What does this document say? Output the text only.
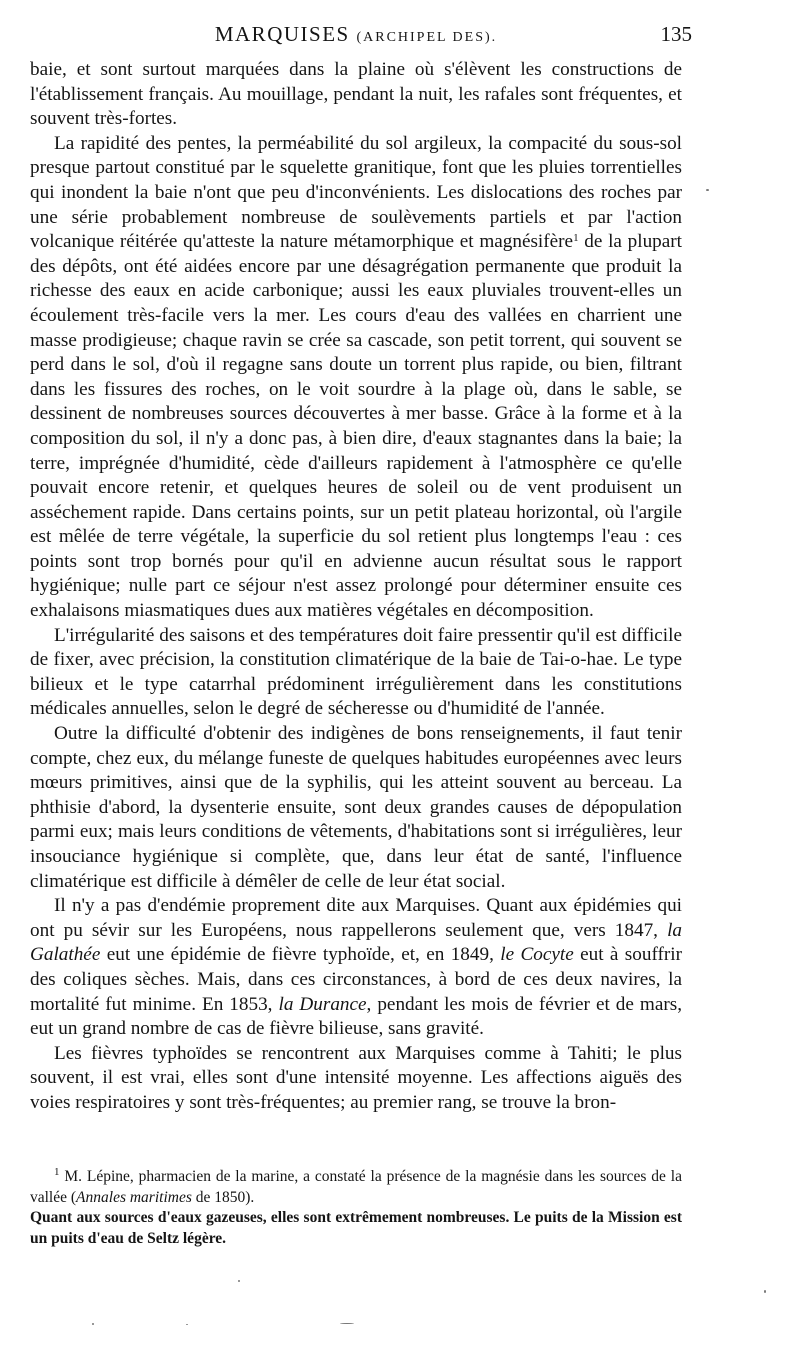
MARQUISES (ARCHIPEL DES).	135

baie, et sont surtout marquées dans la plaine où s'élèvent les constructions de l'établissement français. Au mouillage, pendant la nuit, les rafales sont fréquentes, et souvent très-fortes.

La rapidité des pentes, la perméabilité du sol argileux, la compacité du sous-sol presque partout constitué par le squelette granitique, font que les pluies torrentielles qui inondent la baie n'ont que peu d'inconvénients. Les dislocations des roches par une série probablement nombreuse de soulèvements partiels et par l'action volcanique réitérée qu'atteste la nature métamorphique et magnésifère$^1$ de la plupart des dépôts, ont été aidées encore par une désagrégation permanente que produit la richesse des eaux en acide carbonique; aussi les eaux pluviales trouvent-elles un écoulement très-facile vers la mer. Les cours d'eau des vallées en charrient une masse prodigieuse; chaque ravin se crée sa cascade, son petit torrent, qui souvent se perd dans le sol, d'où il regagne sans doute un torrent plus rapide, ou bien, filtrant dans les fissures des roches, on le voit sourdre à la plage où, dans le sable, se dessinent de nombreuses sources découvertes à mer basse. Grâce à la forme et à la composition du sol, il n'y a donc pas, à bien dire, d'eaux stagnantes dans la baie; la terre, imprégnée d'humidité, cède d'ailleurs rapidement à l'atmosphère ce qu'elle pouvait encore retenir, et quelques heures de soleil ou de vent produisent un asséchement rapide. Dans certains points, sur un petit plateau horizontal, où l'argile est mêlée de terre végétale, la superficie du sol retient plus longtemps l'eau : ces points sont trop bornés pour qu'il en advienne aucun résultat sous le rapport hygiénique; nulle part ce séjour n'est assez prolongé pour déterminer ensuite ces exhalaisons miasmatiques dues aux matières végétales en décomposition.

L'irrégularité des saisons et des températures doit faire pressentir qu'il est difficile de fixer, avec précision, la constitution climatérique de la baie de Tai-o-hae. Le type bilieux et le type catarrhal prédominent irrégulièrement dans les constitutions médicales annuelles, selon le degré de sécheresse ou d'humidité de l'année.

Outre la difficulté d'obtenir des indigènes de bons renseignements, il faut tenir compte, chez eux, du mélange funeste de quelques habitudes européennes avec leurs mœurs primitives, ainsi que de la syphilis, qui les atteint souvent au berceau. La phthisie d'abord, la dysenterie ensuite, sont deux grandes causes de dépopulation parmi eux; mais leurs conditions de vêtements, d'habitations sont si irrégulières, leur insouciance hygiénique si complète, que, dans leur état de santé, l'influence climatérique est difficile à démêler de celle de leur état social.

Il n'y a pas d'endémie proprement dite aux Marquises. Quant aux épidémies qui ont pu sévir sur les Européens, nous rappellerons seulement que, vers 1847, la Galathée eut une épidémie de fièvre typhoïde, et, en 1849, le Cocyte eut à souffrir des coliques sèches. Mais, dans ces circonstances, à bord de ces deux navires, la mortalité fut minime. En 1853, la Durance, pendant les mois de février et de mars, eut un grand nombre de cas de fièvre bilieuse, sans gravité.

Les fièvres typhoïdes se rencontrent aux Marquises comme à Tahiti; le plus souvent, il est vrai, elles sont d'une intensité moyenne. Les affections aiguës des voies respiratoires y sont très-fréquentes; au premier rang, se trouve la bron-

$^1$ M. Lépine, pharmacien de la marine, a constaté la présence de la magnésie dans les sources de la vallée (Annales maritimes de 1850).

Quant aux sources d'eaux gazeuses, elles sont extrêmement nombreuses. Le puits de la Mission est un puits d'eau de Seltz légère.
